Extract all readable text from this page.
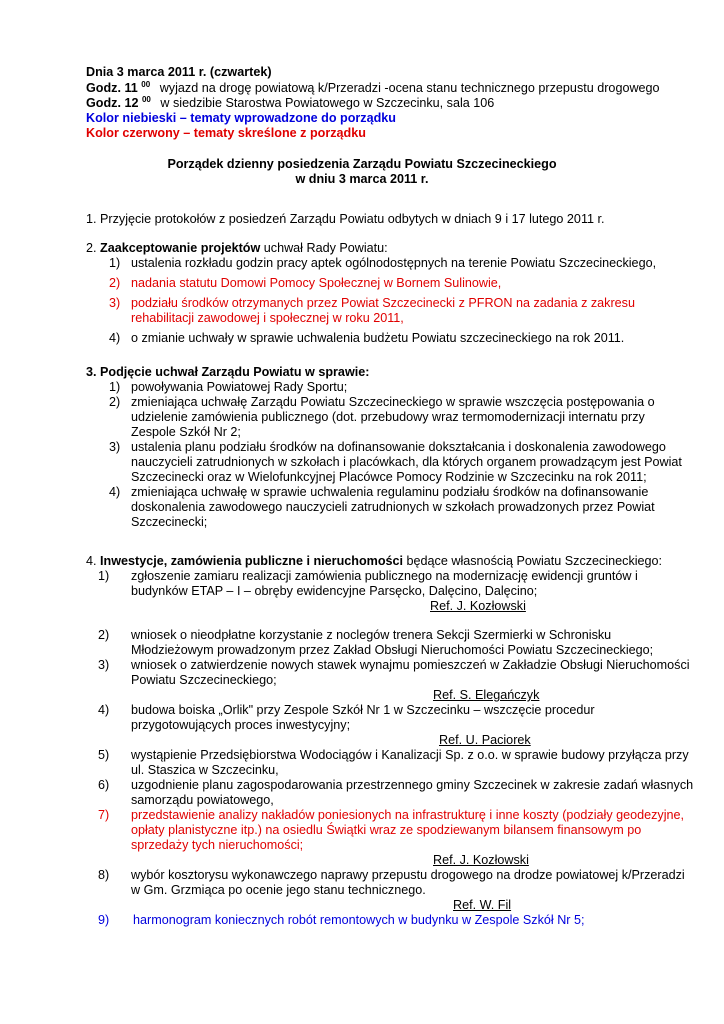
Dnia 3 marca 2011 r. (czwartek)
Godz. 11 $^{00}$ wyjazd na drogę powiatową k/Przeradzi -ocena stanu technicznego przepustu drogowego
Godz. 12 $^{00}$ w siedzibie Starostwa Powiatowego w Szczecinku, sala 106
Kolor niebieski – tematy wprowadzone do porządku
Kolor czerwony – tematy skreślone z porządku
Porządek dzienny posiedzenia Zarządu Powiatu Szczecineckiego
w dniu 3 marca 2011 r.
1. Przyjęcie protokołów z posiedzeń Zarządu Powiatu odbytych w dniach 9 i 17 lutego 2011 r.
2. Zaakceptowanie projektów uchwał Rady Powiatu:
1) ustalenia rozkładu godzin pracy aptek ogólnodostępnych na terenie Powiatu Szczecineckiego,
2) nadania statutu Domowi Pomocy Społecznej w Bornem Sulinowie,
3) podziału środków otrzymanych przez Powiat Szczecinecki z PFRON na zadania z zakresu
rehabilitacji zawodowej i społecznej w roku 2011,
4) o zmianie uchwały w sprawie uchwalenia budżetu Powiatu szczecineckiego na rok 2011.
3. Podjęcie uchwał Zarządu Powiatu w sprawie:
1) powoływania Powiatowej Rady Sportu;
2) zmieniająca uchwałę Zarządu Powiatu Szczecineckiego w sprawie wszczęcia postępowania o
udzielenie zamówienia publicznego (dot. przebudowy wraz termomodernizacji internatu przy
Zespole Szkół Nr 2;
3) ustalenia planu podziału środków na dofinansowanie dokształcania i doskonalenia zawodowego
nauczycieli zatrudnionych w szkołach i placówkach, dla których organem prowadzącym jest Powiat
Szczecinecki oraz w Wielofunkcyjnej Placówce Pomocy Rodzinie w Szczecinku na rok 2011;
4) zmieniająca uchwałę w sprawie uchwalenia regulaminu podziału środków na dofinansowanie
doskonalenia zawodowego nauczycieli zatrudnionych w szkołach prowadzonych przez Powiat
Szczecinecki;
4. Inwestycje, zamówienia publiczne i nieruchomości będące własnością Powiatu Szczecineckiego:
1) zgłoszenie zamiaru realizacji zamówienia publicznego na modernizację ewidencji gruntów i
budynków ETAP – I – obręby ewidencyjne Parsęcko, Dalęcino, Dalęcino;
Ref. J. Kozłowski
2) wniosek o nieodpłatne korzystanie z noclegów trenera Sekcji Szermierki w Schronisku
Młodzieżowym prowadzonym przez Zakład Obsługi Nieruchomości Powiatu Szczecineckiego;
3) wniosek o zatwierdzenie nowych stawek wynajmu pomieszczeń w Zakładzie Obsługi Nieruchomości
Powiatu Szczecineckiego;
Ref. S. Elegańczyk
4) budowa boiska „Orlik" przy Zespole Szkół Nr 1 w Szczecinku – wszczęcie procedur
przygotowujących proces inwestycyjny;
Ref. U. Paciorek
5) wystąpienie Przedsiębiorstwa Wodociągów i Kanalizacji Sp. z o.o. w sprawie budowy przyłącza przy
ul. Staszica w Szczecinku,
6) uzgodnienie planu zagospodarowania przestrzennego gminy Szczecinek w zakresie zadań własnych
samorządu powiatowego,
7) przedstawienie analizy nakładów poniesionych na infrastrukturę i inne koszty (podziały geodezyjne,
opłaty planistyczne itp.) na osiedlu Świątki wraz ze spodziewanym bilansem finansowym po
sprzedaży tych nieruchomości;
Ref. J. Kozłowski
8) wybór kosztorysu wykonawczego naprawy przepustu drogowego na drodze powiatowej k/Przeradzi
w Gm. Grzmiąca po ocenie jego stanu technicznego.
Ref. W. Fil
9) harmonogram koniecznych robót remontowych w budynku w Zespole Szkół Nr 5;
